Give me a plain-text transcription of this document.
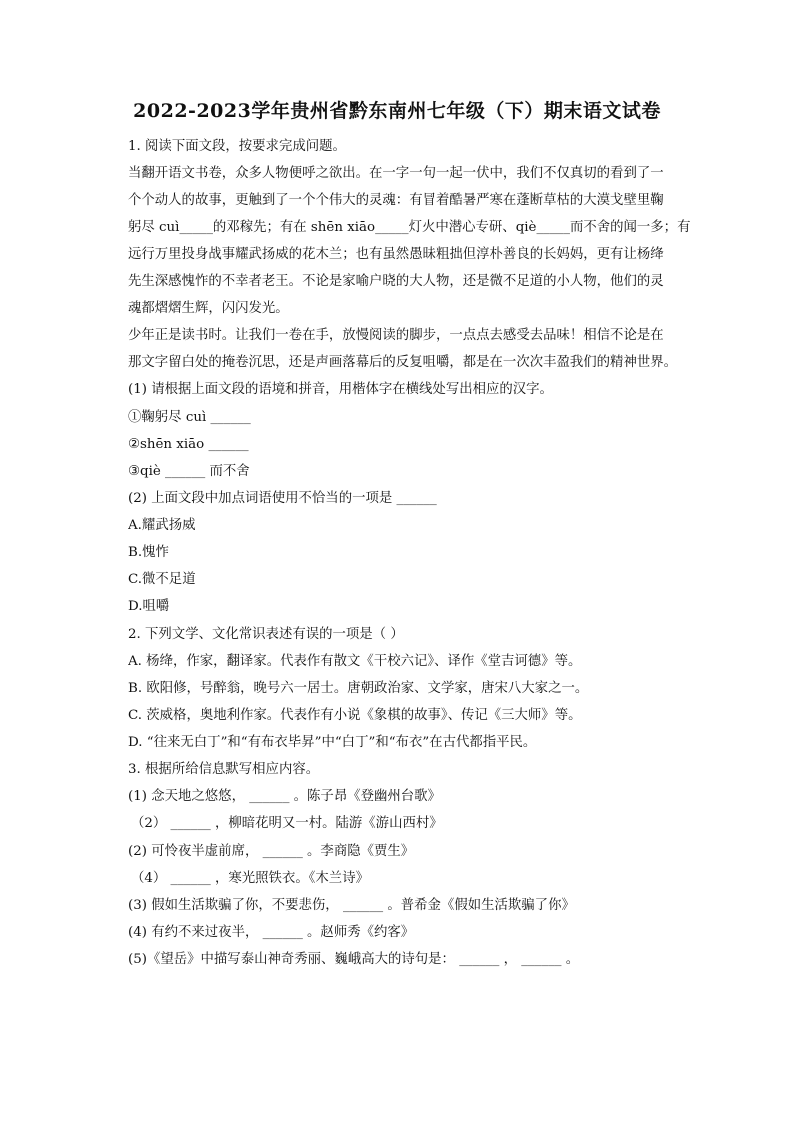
2022-2023学年贵州省黔东南州七年级（下）期末语文试卷
1. 阅读下面文段，按要求完成问题。
当翻开语文书卷，众多人物便呼之欲出。在一字一句一起一伏中，我们不仅真切的看到了一
个个动人的故事，更触到了一个个伟大的灵魂：有冒着酷暑严寒在蓬断草枯的大漠戈壁里鞠
躬尽 cuì_____的邓稼先；有在 shēn xiāo_____灯火中潜心专研、qiè_____而不舍的闻一多；有
远行万里投身战事耀武扬威的花木兰；也有虽然愚昧粗拙但淳朴善良的长妈妈，更有让杨绛
先生深感愧怍的不幸者老王。不论是家喻户晓的大人物，还是微不足道的小人物，他们的灵
魂都熠熠生辉，闪闪发光。
少年正是读书时。让我们一卷在手，放慢阅读的脚步，一点点去感受去品味！相信不论是在
那文字留白处的掩卷沉思，还是声画落幕后的反复咀嚼，都是在一次次丰盈我们的精神世界。
(1) 请根据上面文段的语境和拼音，用楷体字在横线处写出相应的汉字。
①鞠躬尽 cuì ______
②shēn xiāo ______
③qiè ______ 而不舍
(2) 上面文段中加点词语使用不恰当的一项是 ______
A.耀武扬威
B.愧怍
C.微不足道
D.咀嚼
2. 下列文学、文化常识表述有误的一项是（ ）
A. 杨绛，作家，翻译家。代表作有散文《干校六记》、译作《堂吉诃德》等。
B. 欧阳修，号醉翁，晚号六一居士。唐朝政治家、文学家，唐宋八大家之一。
C. 茨威格，奥地利作家。代表作有小说《象棋的故事》、传记《三大师》等。
D. “往来无白丁”和“有布衣毕昇”中“白丁”和“布衣”在古代都指平民。
3. 根据所给信息默写相应内容。
(1) 念天地之悠悠， ______ 。陈子昂《登幽州台歌》
（2） ______ ，柳暗花明又一村。陆游《游山西村》
(2) 可怜夜半虚前席， ______ 。李商隐《贾生》
（4） ______ ，寒光照铁衣。《木兰诗》
(3) 假如生活欺骗了你，不要悲伤， ______ 。普希金《假如生活欺骗了你》
(4) 有约不来过夜半， ______ 。赵师秀《约客》
(5)《望岳》中描写泰山神奇秀丽、巍峨高大的诗句是： ______ ， ______ 。
